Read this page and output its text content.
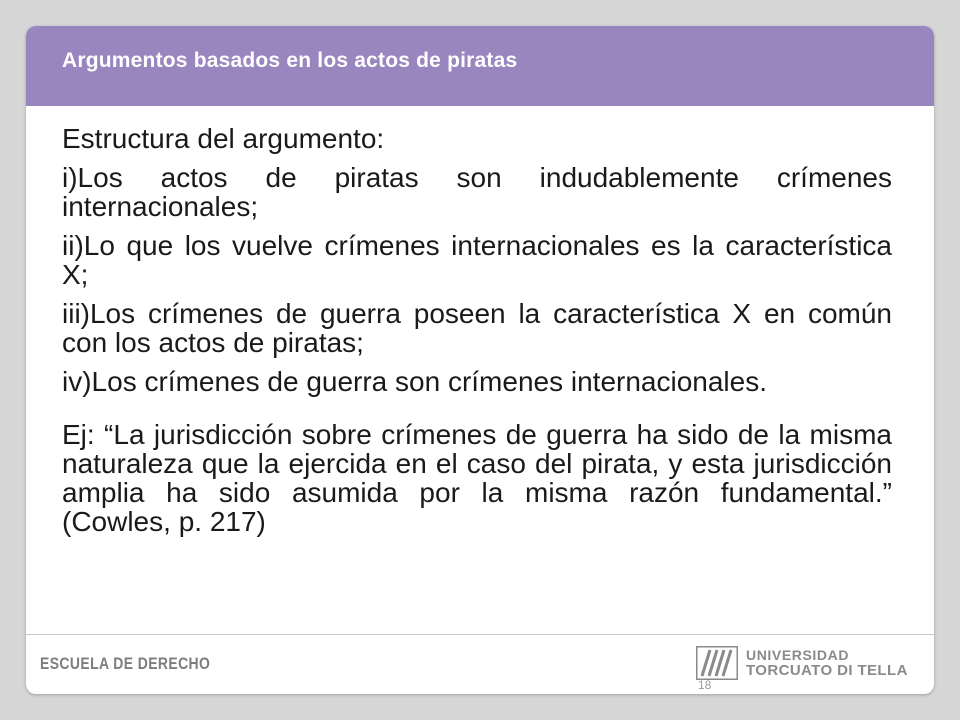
Argumentos basados en los actos de piratas

Estructura del argumento:

i)Los actos de piratas son indudablemente crímenes internacionales;

ii)Lo que los vuelve crímenes internacionales es la característica X;

iii)Los crímenes de guerra poseen la característica X en común con los actos de piratas;

iv)Los crímenes de guerra son crímenes internacionales.

Ej: “La jurisdicción sobre crímenes de guerra ha sido de la misma naturaleza que la ejercida en el caso del pirata, y esta jurisdicción amplia ha sido asumida por la misma razón fundamental.” (Cowles, p. 217)

ESCUELA DE DERECHO	UNIVERSIDAD
TORCUATO DI TELLA
18
